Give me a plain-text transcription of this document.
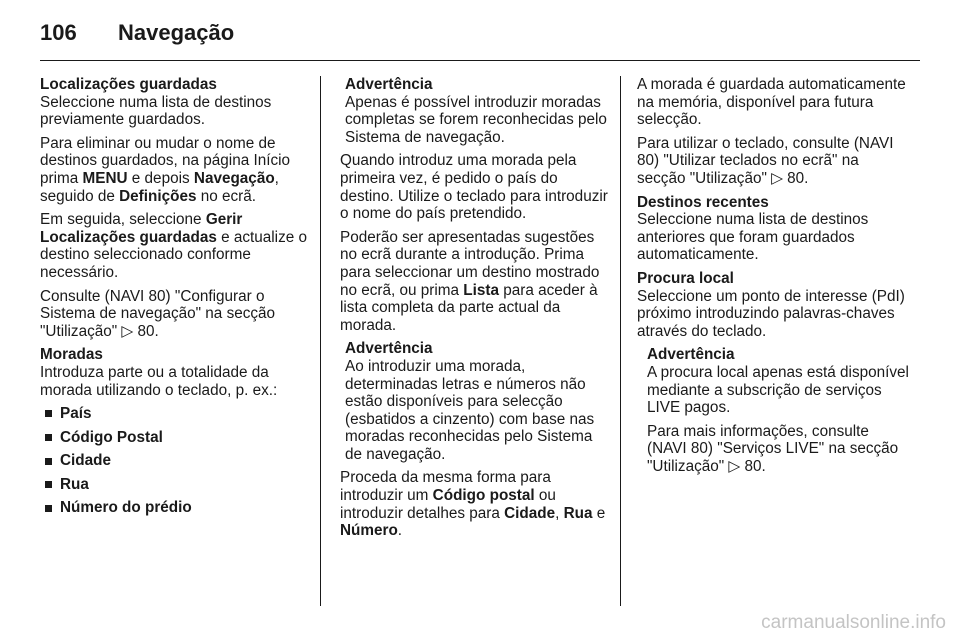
106	Navegação
Localizações guardadas
Seleccione numa lista de destinos previamente guardados.
Para eliminar ou mudar o nome de destinos guardados, na página Início prima MENU e depois Navegação, seguido de Definições no ecrã.
Em seguida, seleccione Gerir Localizações guardadas e actualize o destino seleccionado conforme necessário.
Consulte (NAVI 80) "Configurar o Sistema de navegação" na secção "Utilização" ▷ 80.
Moradas
Introduza parte ou a totalidade da morada utilizando o teclado, p. ex.:
País
Código Postal
Cidade
Rua
Número do prédio
Advertência
Apenas é possível introduzir moradas completas se forem reconhecidas pelo Sistema de navegação.
Quando introduz uma morada pela primeira vez, é pedido o país do destino. Utilize o teclado para introduzir o nome do país pretendido.
Poderão ser apresentadas sugestões no ecrã durante a introdução. Prima para seleccionar um destino mostrado no ecrã, ou prima Lista para aceder à lista completa da parte actual da morada.
Advertência
Ao introduzir uma morada, determinadas letras e números não estão disponíveis para selecção (esbatidos a cinzento) com base nas moradas reconhecidas pelo Sistema de navegação.
Proceda da mesma forma para introduzir um Código postal ou introduzir detalhes para Cidade, Rua e Número.
A morada é guardada automaticamente na memória, disponível para futura selecção.
Para utilizar o teclado, consulte (NAVI 80) "Utilizar teclados no ecrã" na secção "Utilização" ▷ 80.
Destinos recentes
Seleccione numa lista de destinos anteriores que foram guardados automaticamente.
Procura local
Seleccione um ponto de interesse (PdI) próximo introduzindo palavras-chaves através do teclado.
Advertência
A procura local apenas está disponível mediante a subscrição de serviços LIVE pagos.
Para mais informações, consulte (NAVI 80) "Serviços LIVE" na secção "Utilização" ▷ 80.
carmanualsonline.info
